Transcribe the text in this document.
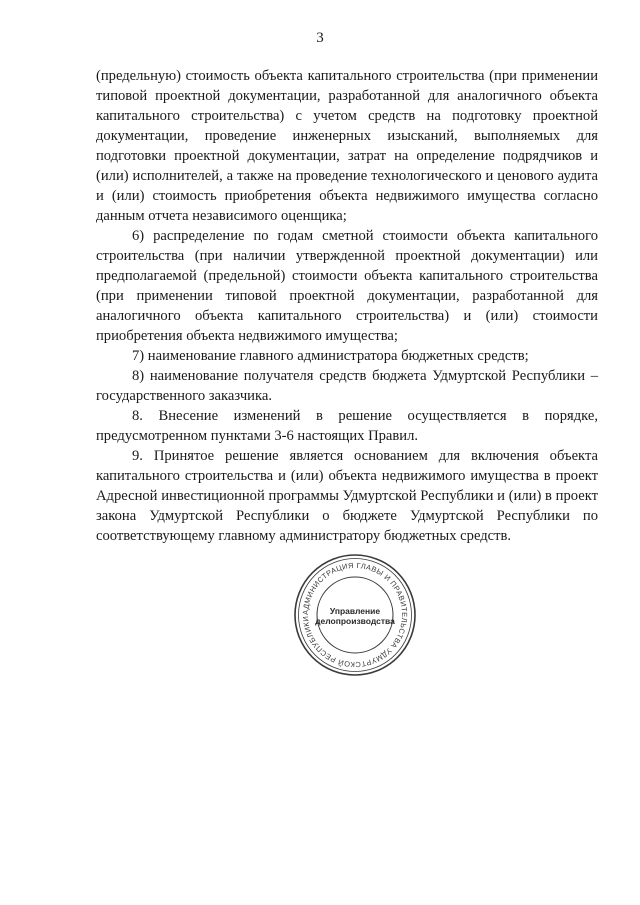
3

(предельную) стоимость объекта капитального строительства (при применении типовой проектной документации, разработанной для аналогичного объекта капитального строительства) с учетом средств на подготовку проектной документации, проведение инженерных изысканий, выполняемых для подготовки проектной документации, затрат на определение подрядчиков и (или) исполнителей, а также на проведение технологического и ценового аудита и (или) стоимость приобретения объекта недвижимого имущества согласно данным отчета независимого оценщика;

6) распределение по годам сметной стоимости объекта капитального строительства (при наличии утвержденной проектной документации) или предполагаемой (предельной) стоимости объекта капитального строительства (при применении типовой проектной документации, разработанной для аналогичного объекта капитального строительства) и (или) стоимости приобретения объекта недвижимого имущества;

7) наименование главного администратора бюджетных средств;

8) наименование получателя средств бюджета Удмуртской Республики – государственного заказчика.

8. Внесение изменений в решение осуществляется в порядке, предусмотренном пунктами 3-6 настоящих Правил.

9. Принятое решение является основанием для включения объекта капитального строительства и (или) объекта недвижимого имущества в проект Адресной инвестиционной программы Удмуртской Республики и (или) в проект закона Удмуртской Республики о бюджете Удмуртской Республики по соответствующему главному администратору бюджетных средств.

АДМИНИСТРАЦИЯ ГЛАВЫ И ПРАВИТЕЛЬСТВА УДМУРТСКОЙ РЕСПУБЛИКИ
Управление
делопроизводства
